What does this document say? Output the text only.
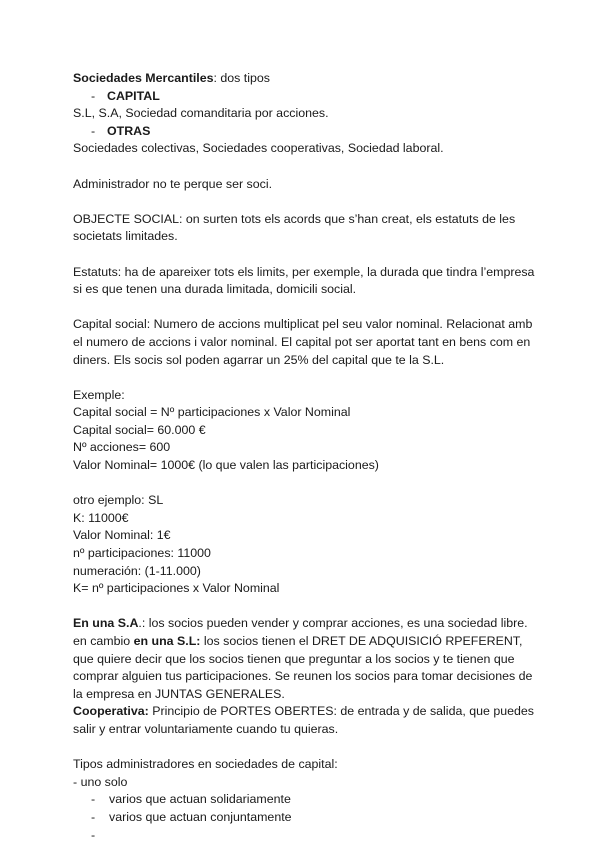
Sociedades Mercantiles: dos tipos
- CAPITAL
S.L, S.A, Sociedad comanditaria por acciones.
- OTRAS
Sociedades colectivas, Sociedades cooperativas, Sociedad laboral.
Administrador no te perque ser soci.
OBJECTE SOCIAL: on surten tots els acords que s’han creat, els estatuts de les
societats limitades.
Estatuts: ha de apareixer tots els limits, per exemple, la durada que tindra l’empresa
si es que tenen una durada limitada, domicili social.
Capital social: Numero de accions multiplicat pel seu valor nominal. Relacionat amb
el numero de accions i valor nominal. El capital pot ser aportat tant en bens com en
diners. Els socis sol poden agarrar un 25% del capital que te la S.L.
Exemple:
Capital social = Nº participaciones x Valor Nominal
Capital social= 60.000 €
Nº acciones= 600
Valor Nominal= 1000€ (lo que valen las participaciones)
otro ejemplo: SL
K: 11000€
Valor Nominal: 1€
nº participaciones: 11000
numeración: (1-11.000)
K= nº participaciones x Valor Nominal
En una S.A.: los socios pueden vender y comprar acciones, es una sociedad libre.
en cambio en una S.L: los socios tienen el DRET DE ADQUISICIÓ RPEFERENT,
que quiere decir que los socios tienen que preguntar a los socios y te tienen que
comprar alguien tus participaciones. Se reunen los socios para tomar decisiones de
la empresa en JUNTAS GENERALES.
Cooperativa: Principio de PORTES OBERTES: de entrada y de salida, que puedes
salir y entrar voluntariamente cuando tu quieras.
Tipos administradores en sociedades de capital:
- uno solo
- varios que actuan solidariamente
- varios que actuan conjuntamente
-
